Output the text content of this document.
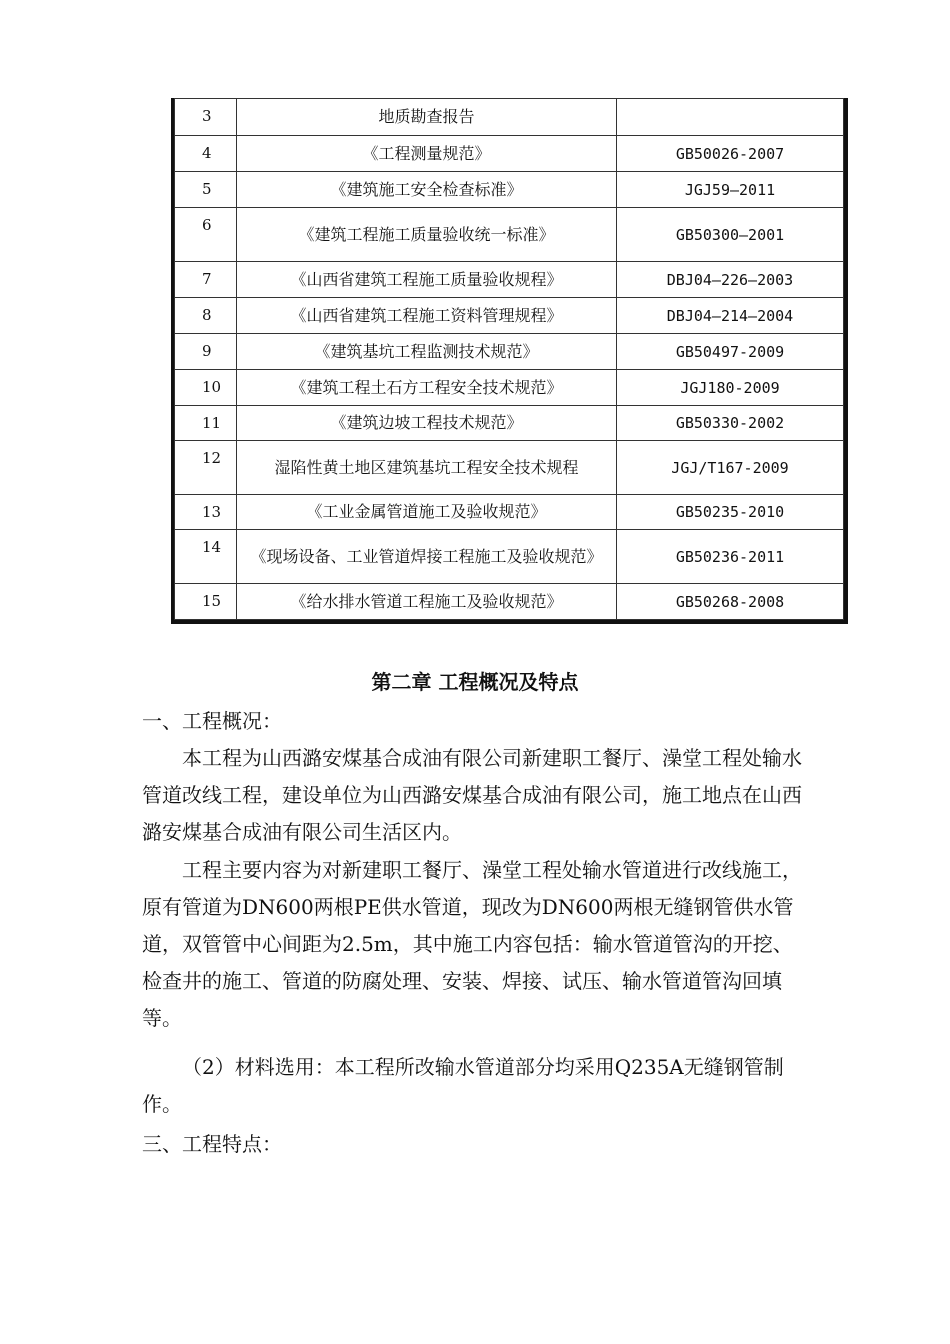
3	地质勘查报告	
4	《工程测量规范》	GB50026-2007
5	《建筑施工安全检查标准》	JGJ59—2011
6	《建筑工程施工质量验收统一标准》	GB50300—2001
7	《山西省建筑工程施工质量验收规程》	DBJ04—226—2003
8	《山西省建筑工程施工资料管理规程》	DBJ04—214—2004
9	《建筑基坑工程监测技术规范》	GB50497-2009
10	《建筑工程土石方工程安全技术规范》	JGJ180-2009
11	《建筑边坡工程技术规范》	GB50330-2002
12	湿陷性黄土地区建筑基坑工程安全技术规程	JGJ/T167-2009
13	《工业金属管道施工及验收规范》	GB50235-2010
14	《现场设备、工业管道焊接工程施工及验收规范》	GB50236-2011
15	《给水排水管道工程施工及验收规范》	GB50268-2008
第二章 工程概况及特点
一、工程概况：
本工程为山西潞安煤基合成油有限公司新建职工餐厅、澡堂工程处输水管道改线工程，建设单位为山西潞安煤基合成油有限公司，施工地点在山西潞安煤基合成油有限公司生活区内。
工程主要内容为对新建职工餐厅、澡堂工程处输水管道进行改线施工，原有管道为DN600两根PE供水管道，现改为DN600两根无缝钢管供水管道，双管管中心间距为2.5m，其中施工内容包括：输水管道管沟的开挖、检查井的施工、管道的防腐处理、安装、焊接、试压、输水管道管沟回填等。
（2）材料选用：本工程所改输水管道部分均采用Q235A无缝钢管制作。
三、工程特点：
